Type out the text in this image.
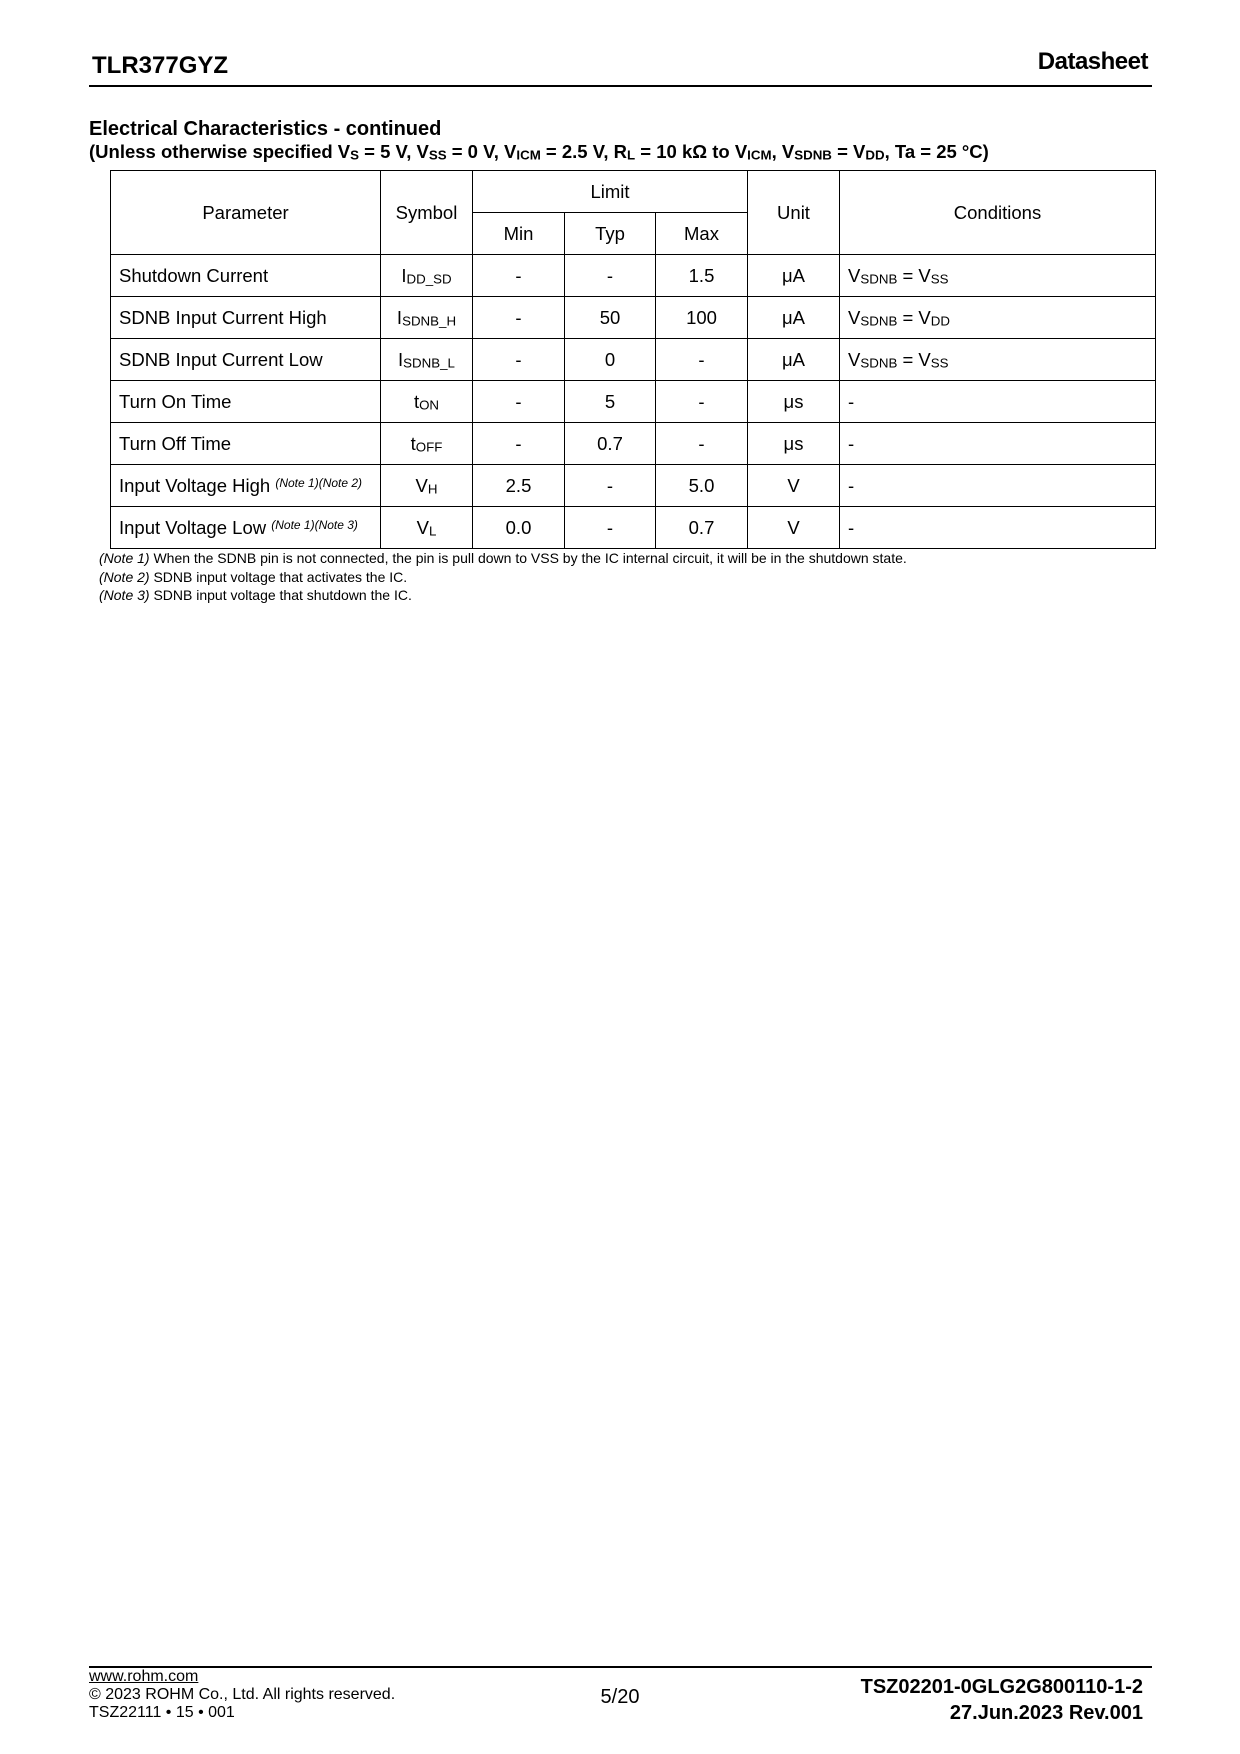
TLR377GYZ	Datasheet
Electrical Characteristics - continued
(Unless otherwise specified VS = 5 V, VSS = 0 V, VICM = 2.5 V, RL = 10 kΩ to VICM, VSDNB = VDD, Ta = 25 °C)
Parameter	Symbol	Limit			Unit	Conditions
		Min	Typ	Max		
Shutdown Current	IDD_SD	-	-	1.5	μA	VSDNB = VSS
SDNB Input Current High	ISDNB_H	-	50	100	μA	VSDNB = VDD
SDNB Input Current Low	ISDNB_L	-	0	-	μA	VSDNB = VSS
Turn On Time	tON	-	5	-	μs	-
Turn Off Time	tOFF	-	0.7	-	μs	-
Input Voltage High $^{(Note 1)(Note 2)}$	VH	2.5	-	5.0	V	-
Input Voltage Low $^{(Note 1)(Note 3)}$	VL	0.0	-	0.7	V	-
(Note 1) When the SDNB pin is not connected, the pin is pull down to VSS by the IC internal circuit, it will be in the shutdown state.
(Note 2) SDNB input voltage that activates the IC.
(Note 3) SDNB input voltage that shutdown the IC.
www.rohm.com
© 2023 ROHM Co., Ltd. All rights reserved.
TSZ22111 • 15 • 001
5/20	TSZ02201-0GLG2G800110-1-2
27.Jun.2023 Rev.001
